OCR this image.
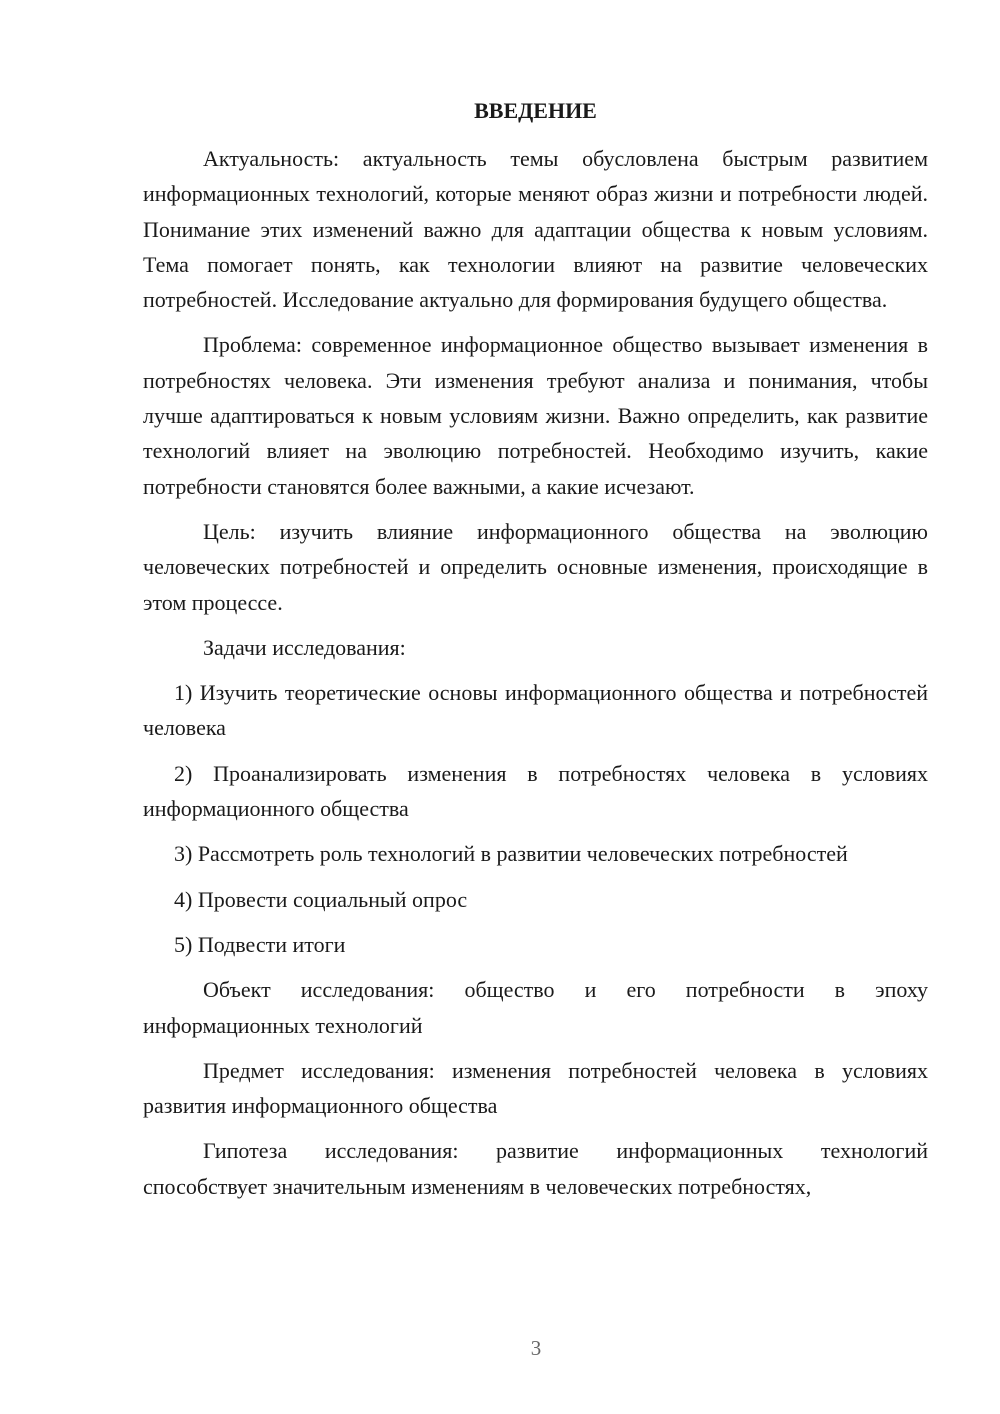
ВВЕДЕНИЕ

Актуальность: актуальность темы обусловлена быстрым развитием информационных технологий, которые меняют образ жизни и потребности людей. Понимание этих изменений важно для адаптации общества к новым условиям. Тема помогает понять, как технологии влияют на развитие человеческих потребностей. Исследование актуально для формирования будущего общества.

Проблема: современное информационное общество вызывает изменения в потребностях человека. Эти изменения требуют анализа и понимания, чтобы лучше адаптироваться к новым условиям жизни. Важно определить, как развитие технологий влияет на эволюцию потребностей. Необходимо изучить, какие потребности становятся более важными, а какие исчезают.

Цель: изучить влияние информационного общества на эволюцию человеческих потребностей и определить основные изменения, происходящие в этом процессе.

Задачи исследования:

1) Изучить теоретические основы информационного общества и потребностей человека

2) Проанализировать изменения в потребностях человека в условиях информационного общества

3) Рассмотреть роль технологий в развитии человеческих потребностей

4) Провести социальный опрос

5) Подвести итоги

Объект исследования: общество и его потребности в эпоху информационных технологий

Предмет исследования: изменения потребностей человека в условиях развития информационного общества

Гипотеза исследования: развитие информационных технологий способствует значительным изменениям в человеческих потребностях,

3
